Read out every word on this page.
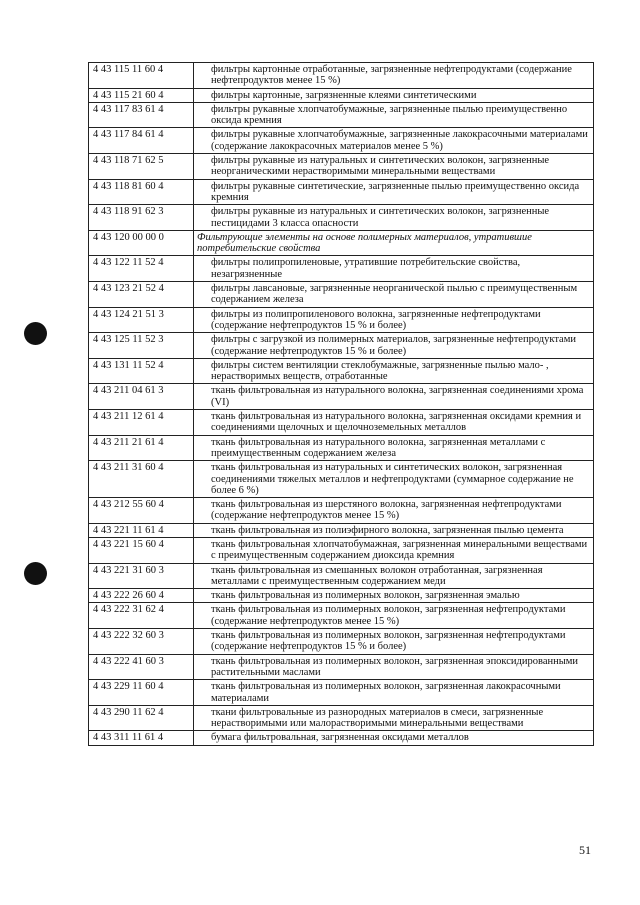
4 43 115 11 60 4	фильтры картонные отработанные, загрязненные нефтепродуктами (содержание нефтепродуктов менее 15 %)
4 43 115 21 60 4	фильтры картонные, загрязненные клеями синтетическими
4 43 117 83 61 4	фильтры рукавные хлопчатобумажные, загрязненные пылью преимущественно оксида кремния
4 43 117 84 61 4	фильтры рукавные хлопчатобумажные, загрязненные лакокрасочными материалами (содержание лакокрасочных материалов менее 5 %)
4 43 118 71 62 5	фильтры рукавные из натуральных и синтетических волокон, загрязненные неорганическими нерастворимыми минеральными веществами
4 43 118 81 60 4	фильтры рукавные синтетические, загрязненные пылью преимущественно оксида кремния
4 43 118 91 62 3	фильтры рукавные из натуральных и синтетических волокон, загрязненные пестицидами 3 класса опасности
4 43 120 00 00 0	Фильтрующие элементы на основе полимерных материалов, утратившие потребительские свойства
4 43 122 11 52 4	фильтры полипропиленовые, утратившие потребительские свойства, незагрязненные
4 43 123 21 52 4	фильтры лавсановые, загрязненные неорганической пылью с преимущественным содержанием железа
4 43 124 21 51 3	фильтры из полипропиленового волокна, загрязненные нефтепродуктами (содержание нефтепродуктов 15 % и более)
4 43 125 11 52 3	фильтры с загрузкой из полимерных материалов, загрязненные нефтепродуктами (содержание нефтепродуктов 15 % и более)
4 43 131 11 52 4	фильтры систем вентиляции стеклобумажные, загрязненные пылью мало- , нерастворимых веществ, отработанные
4 43 211 04 61 3	ткань фильтровальная из натурального волокна, загрязненная соединениями хрома (VI)
4 43 211 12 61 4	ткань фильтровальная из натурального волокна, загрязненная оксидами кремния и соединениями щелочных и щелочноземельных металлов
4 43 211 21 61 4	ткань фильтровальная из натурального волокна, загрязненная металлами с преимущественным содержанием железа
4 43 211 31 60 4	ткань фильтровальная из натуральных и синтетических волокон, загрязненная соединениями тяжелых металлов и нефтепродуктами (суммарное содержание не более 6 %)
4 43 212 55 60 4	ткань фильтровальная из шерстяного волокна, загрязненная нефтепродуктами (содержание нефтепродуктов менее 15 %)
4 43 221 11 61 4	ткань фильтровальная из полиэфирного волокна, загрязненная пылью цемента
4 43 221 15 60 4	ткань фильтровальная хлопчатобумажная, загрязненная минеральными веществами с преимущественным содержанием диоксида кремния
4 43 221 31 60 3	ткань фильтровальная из смешанных волокон отработанная, загрязненная металлами с преимущественным содержанием меди
4 43 222 26 60 4	ткань фильтровальная из полимерных волокон, загрязненная эмалью
4 43 222 31 62 4	ткань фильтровальная из полимерных волокон, загрязненная нефтепродуктами (содержание нефтепродуктов менее 15 %)
4 43 222 32 60 3	ткань фильтровальная из полимерных волокон, загрязненная нефтепродуктами (содержание нефтепродуктов 15 % и более)
4 43 222 41 60 3	ткань фильтровальная из полимерных волокон, загрязненная эпоксидированными растительными маслами
4 43 229 11 60 4	ткань фильтровальная из полимерных волокон, загрязненная лакокрасочными материалами
4 43 290 11 62 4	ткани фильтровальные из разнородных материалов в смеси, загрязненные нерастворимыми или малорастворимыми минеральными веществами
4 43 311 11 61 4	бумага фильтровальная, загрязненная оксидами металлов
51
